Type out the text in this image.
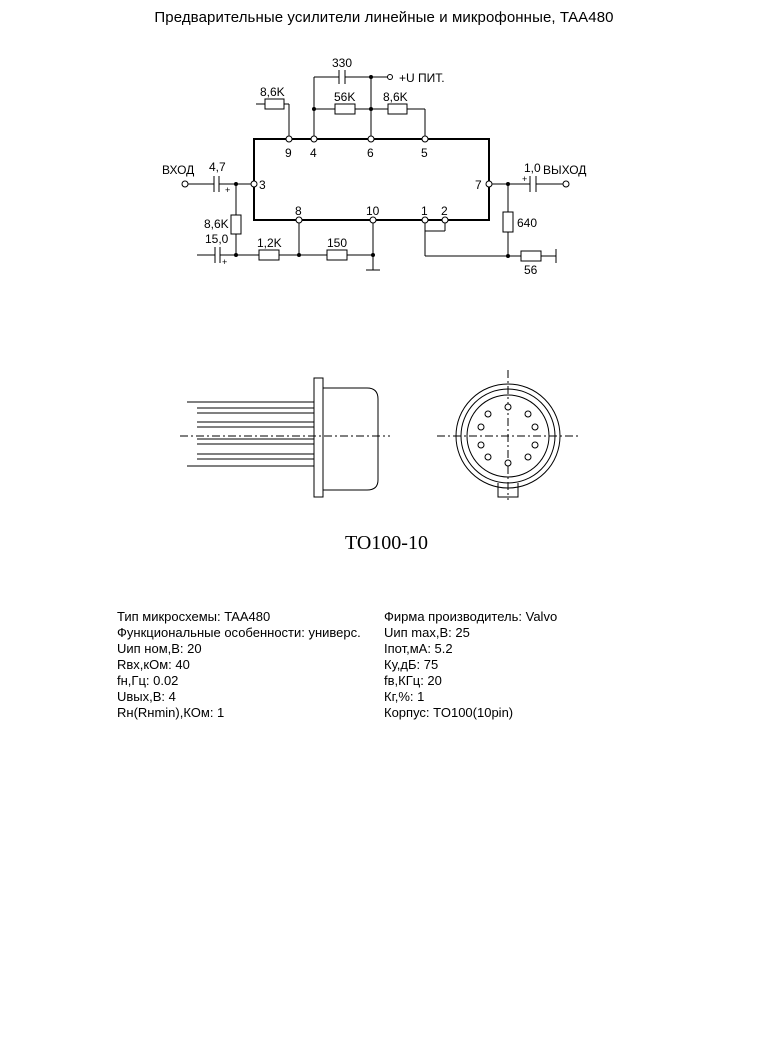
Предварительные усилители линейные и микрофонные, TAA480
ВХОД	ВЫХОД
+U ПИТ.
330
8,6K	56K 8,6K
4,7
+
8,6K
15,0
+
1,2K	150
1,0
+
640
56
9 4	6	5
3	7
8	10	1 2
TO100-10
Тип микросхемы: TAA480
Функциональные особенности: универс.
Uип ном,В: 20
Rвх,кОм: 40
fн,Гц: 0.02
Uвых,В: 4
Rн(Rнmin),КОм: 1
Фирма производитель: Valvo
Uип max,В: 25
Iпот,мА: 5.2
Ку,дБ: 75
fв,КГц: 20
Кг,%: 1
Корпус: TO100(10pin)
